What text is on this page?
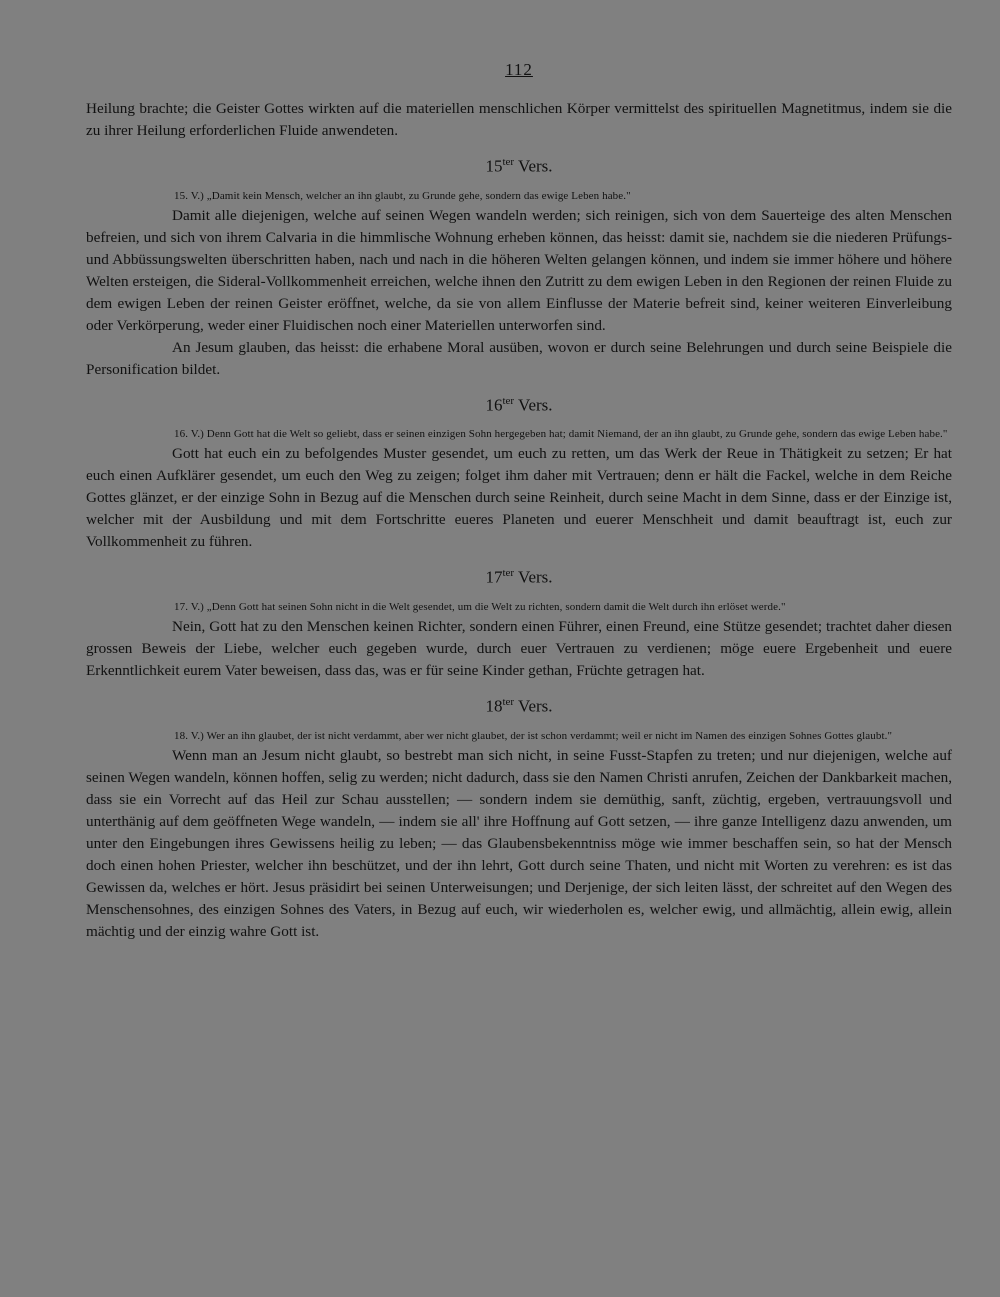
112

Heilung brachte; die Geister Gottes wirkten auf die materiellen menschlichen Körper vermittelst des spirituellen Magnetitmus, indem sie die zu ihrer Heilung erforderlichen Fluide anwendeten.

$15^{ter}$ Vers.
15. V.) „Damit kein Mensch, welcher an ihn glaubt, zu Grunde gehe, sondern das ewige Leben habe."

Damit alle diejenigen, welche auf seinen Wegen wandeln werden; sich reinigen, sich von dem Sauerteige des alten Menschen befreien, und sich von ihrem Calvaria in die himmlische Wohnung erheben können, das heisst: damit sie, nachdem sie die niederen Prüfungs- und Abbüssungswelten überschritten haben, nach und nach in die höheren Welten gelangen können, und indem sie immer höhere und höhere Welten ersteigen, die Sideral-Vollkommenheit erreichen, welche ihnen den Zutritt zu dem ewigen Leben in den Regionen der reinen Fluide zu dem ewigen Leben der reinen Geister eröffnet, welche, da sie von allem Einflusse der Materie befreit sind, keiner weiteren Einverleibung oder Verkörperung, weder einer Fluidischen noch einer Materiellen unterworfen sind.

An Jesum glauben, das heisst: die erhabene Moral ausüben, wovon er durch seine Belehrungen und durch seine Beispiele die Personification bildet.

$16^{ter}$ Vers.
16. V.) Denn Gott hat die Welt so geliebt, dass er seinen einzigen Sohn hergegeben hat; damit Niemand, der an ihn glaubt, zu Grunde gehe, sondern das ewige Leben habe."

Gott hat euch ein zu befolgendes Muster gesendet, um euch zu retten, um das Werk der Reue in Thätigkeit zu setzen; Er hat euch einen Aufklärer gesendet, um euch den Weg zu zeigen; folget ihm daher mit Vertrauen; denn er hält die Fackel, welche in dem Reiche Gottes glänzet, er der einzige Sohn in Bezug auf die Menschen durch seine Reinheit, durch seine Macht in dem Sinne, dass er der Einzige ist, welcher mit der Ausbildung und mit dem Fortschritte eueres Planeten und euerer Menschheit und damit beauftragt ist, euch zur Vollkommenheit zu führen.

$17^{ter}$ Vers.
17. V.) „Denn Gott hat seinen Sohn nicht in die Welt gesendet, um die Welt zu richten, sondern damit die Welt durch ihn erlöset werde."

Nein, Gott hat zu den Menschen keinen Richter, sondern einen Führer, einen Freund, eine Stütze gesendet; trachtet daher diesen grossen Beweis der Liebe, welcher euch gegeben wurde, durch euer Vertrauen zu verdienen; möge euere Ergebenheit und euere Erkenntlichkeit eurem Vater beweisen, dass das, was er für seine Kinder gethan, Früchte getragen hat.

$18^{ter}$ Vers.
18. V.) Wer an ihn glaubet, der ist nicht verdammt, aber wer nicht glaubet, der ist schon verdammt; weil er nicht im Namen des einzigen Sohnes Gottes glaubt."

Wenn man an Jesum nicht glaubt, so bestrebt man sich nicht, in seine Fusst-Stapfen zu treten; und nur diejenigen, welche auf seinen Wegen wandeln, können hoffen, selig zu werden; nicht dadurch, dass sie den Namen Christi anrufen, Zeichen der Dankbarkeit machen, dass sie ein Vorrecht auf das Heil zur Schau ausstellen; — sondern indem sie demüthig, sanft, züchtig, ergeben, vertrauungsvoll und unterthänig auf dem geöffneten Wege wandeln, — indem sie all' ihre Hoffnung auf Gott setzen, — ihre ganze Intelligenz dazu anwenden, um unter den Eingebungen ihres Gewissens heilig zu leben; — das Glaubensbekenntniss möge wie immer beschaffen sein, so hat der Mensch doch einen hohen Priester, welcher ihn beschützet, und der ihn lehrt, Gott durch seine Thaten, und nicht mit Worten zu verehren: es ist das Gewissen da, welches er hört. Jesus präsidirt bei seinen Unterweisungen; und Derjenige, der sich leiten lässt, der schreitet auf den Wegen des Menschensohnes, des einzigen Sohnes des Vaters, in Bezug auf euch, wir wiederholen es, welcher ewig, und allmächtig, allein ewig, allein mächtig und der einzig wahre Gott ist.
